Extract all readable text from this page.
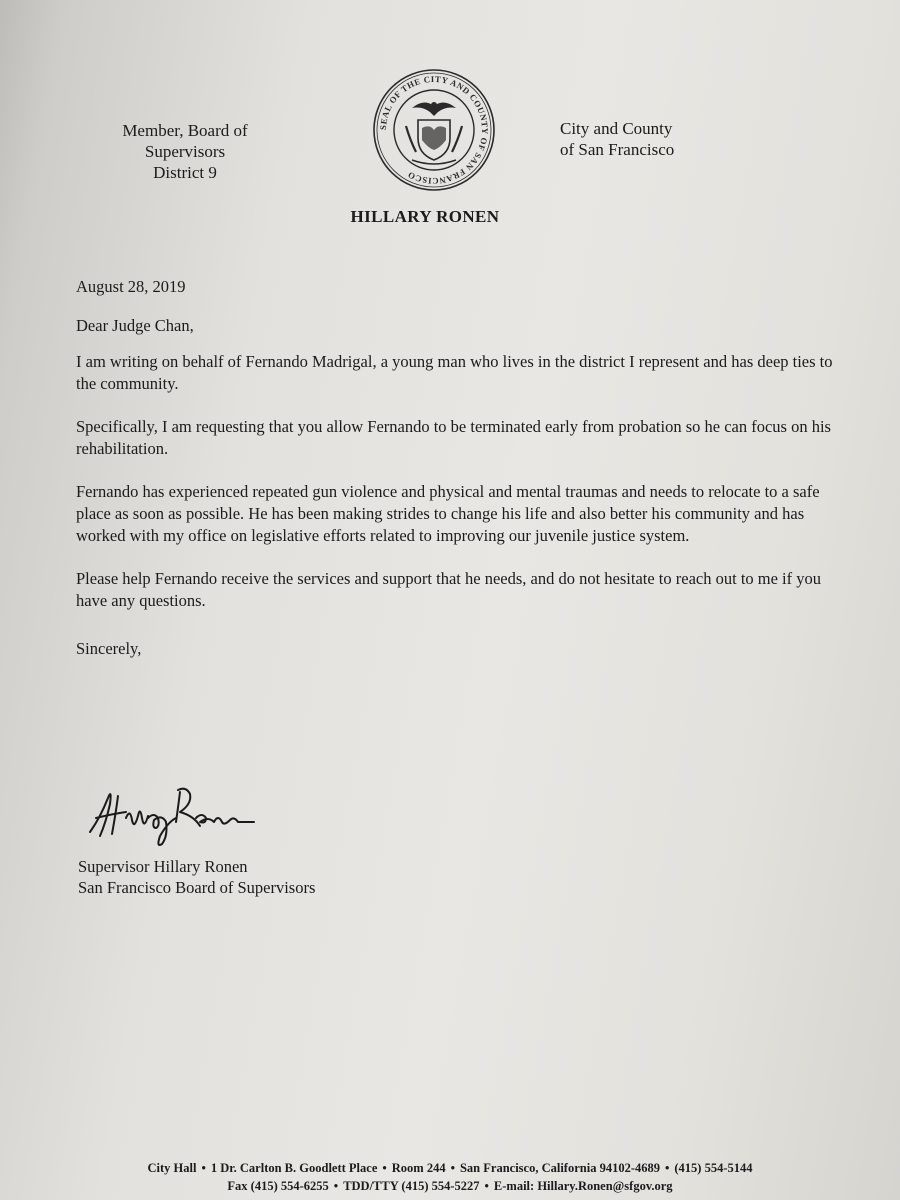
Member, Board of
Supervisors
District 9
SEAL OF THE CITY AND COUNTY OF SAN FRANCISCO
City and County
of San Francisco
HILLARY RONEN

August 28, 2019

Dear Judge Chan,

I am writing on behalf of Fernando Madrigal, a young man who lives in the district I represent and has deep ties to the community.

Specifically, I am requesting that you allow Fernando to be terminated early from probation so he can focus on his rehabilitation.

Fernando has experienced repeated gun violence and physical and mental traumas and needs to relocate to a safe place as soon as possible. He has been making strides to change his life and also better his community and has worked with my office on legislative efforts related to improving our juvenile justice system.

Please help Fernando receive the services and support that he needs, and do not hesitate to reach out to me if you have any questions.

Sincerely,

Supervisor Hillary Ronen
San Francisco Board of Supervisors
City Hall • 1 Dr. Carlton B. Goodlett Place • Room 244 • San Francisco, California 94102-4689 • (415) 554-5144
Fax (415) 554-6255 • TDD/TTY (415) 554-5227 • E-mail: Hillary.Ronen@sfgov.org
